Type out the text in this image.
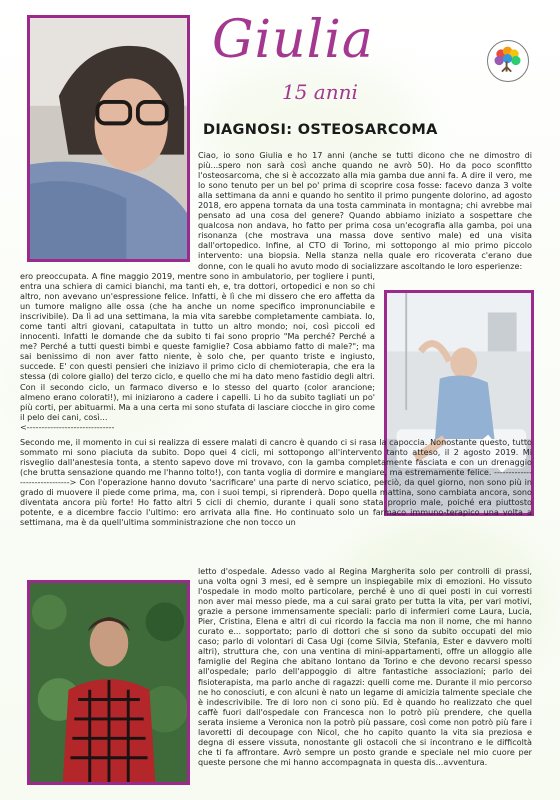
Giulia
15 anni
DIAGNOSI: OSTEOSARCOMA

Ciao, io sono Giulia e ho 17 anni (anche se tutti dicono che ne dimostro di più...spero non sarà così anche quando ne avrò 50). Ho da poco sconfitto l'osteosarcoma, che si è accozzato alla mia gamba due anni fa. A dire il vero, me lo sono tenuto per un bel po' prima di scoprire cosa fosse: facevo danza 3 volte alla settimana da anni e quando ho sentito il primo pungente dolorino, ad agosto 2018, ero appena tornata da una tosta camminata in montagna; chi avrebbe mai pensato ad una cosa del genere? Quando abbiamo iniziato a sospettare che qualcosa non andava, ho fatto per prima cosa un'ecografia alla gamba, poi una risonanza (che mostrava una massa dove sentivo male) ed una visita dall'ortopedico. Infine, al CTO di Torino, mi sottopongo al mio primo piccolo intervento: una biopsia. Nella stanza nella quale ero ricoverata c'erano due donne, con le quali ho avuto modo di socializzare ascoltando le loro esperienze:

ero preoccupata. A fine maggio 2019, mentre sono in ambulatorio, per togliere i punti, entra una schiera di camici bianchi, ma tanti eh, e, tra dottori, ortopedici e non so chi altro, non avevano un'espressione felice. Infatti, è lì che mi dissero che ero affetta da un tumore maligno alle ossa (che ha anche un nome specifico impronunciabile e inscrivibile). Da lì ad una settimana, la mia vita sarebbe completamente cambiata. Io, come tanti altri giovani, catapultata in tutto un altro mondo; noi, così piccoli ed innocenti. Infatti le domande che da subito ti fai sono proprio "Ma perché? Perché a me? Perché a tutti questi bimbi e queste famiglie? Cosa abbiamo fatto di male?"; ma sai benissimo di non aver fatto niente, è solo che, per quanto triste e ingiusto, succede. E' con questi pensieri che iniziavo il primo ciclo di chemioterapia, che era la stessa (di colore giallo) del terzo ciclo, e quello che mi ha dato meno fastidio degli altri. Con il secondo ciclo, un farmaco diverso e lo stesso del quarto (color arancione; almeno erano colorati!), mi iniziarono a cadere i capelli. Li ho da subito tagliati un po' più corti, per abituarmi. Ma a una certa mi sono stufata di lasciare ciocche in giro come il pelo dei cani, così...
<------------------------------

Secondo me, il momento in cui si realizza di essere malati di cancro è quando ci si rasa la capoccia. Nonostante questo, tutto sommato mi sono piaciuta da subito. Dopo quei 4 cicli, mi sottopongo all'intervento tanto atteso, il 2 agosto 2019. Mi risveglio dall'anestesia tonta, a stento sapevo dove mi trovavo, con la gamba completamente fasciata e con un drenaggio (che brutta sensazione quando me l'hanno tolto!), con tanta voglia di dormire e mangiare, ma estremamente felice. ------------------------------> Con l'operazione hanno dovuto 'sacrificare' una parte di nervo sciatico, perciò, da quel giorno, non sono più in grado di muovere il piede come prima, ma, con i suoi tempi, si riprenderà. Dopo quella mattina, sono cambiata ancora, sono diventata ancora più forte! Ho fatto altri 5 cicli di chemio, durante i quali sono stata proprio male, poiché era piuttosto potente, e a dicembre faccio l'ultimo: ero arrivata alla fine. Ho continuato solo un farmaco immuno-terapico una volta a settimana, ma è da quell'ultima somministrazione che non tocco un

letto d'ospedale. Adesso vado al Regina Margherita solo per controlli di prassi, una volta ogni 3 mesi, ed è sempre un inspiegabile mix di emozioni. Ho vissuto l'ospedale in modo molto particolare, perché è uno di quei posti in cui vorresti non aver mai messo piede, ma a cui sarai grato per tutta la vita, per vari motivi, grazie a persone immensamente speciali: parlo di infermieri come Laura, Lucia, Pier, Cristina, Elena e altri di cui ricordo la faccia ma non il nome, che mi hanno curato e... sopportato; parlo di dottori che si sono da subito occupati del mio caso; parlo di volontari di Casa Ugi (come Silvia, Stefania, Ester e davvero molti altri), struttura che, con una ventina di mini-appartamenti, offre un alloggio alle famiglie del Regina che abitano lontano da Torino e che devono recarsi spesso all'ospedale; parlo dell'appoggio di altre fantastiche associazioni; parlo dei fisioterapista, ma parlo anche di ragazzi: quelli come me. Durante il mio percorso ne ho conosciuti, e con alcuni è nato un legame di amicizia talmente speciale che è indescrivibile. Tre di loro non ci sono più. Ed è quando ho realizzato che quel caffè fuori dall'ospedale con Francesca non lo potrò più prendere, che quella serata insieme a Veronica non la potrò più passare, così come non potrò più fare i lavoretti di decoupage con Nicol, che ho capito quanto la vita sia preziosa e degna di essere vissuta, nonostante gli ostacoli che si incontrano e le difficoltà che ti fa affrontare. Avrò sempre un posto grande e speciale nel mio cuore per queste persone che mi hanno accompagnata in questa dis...avventura.
